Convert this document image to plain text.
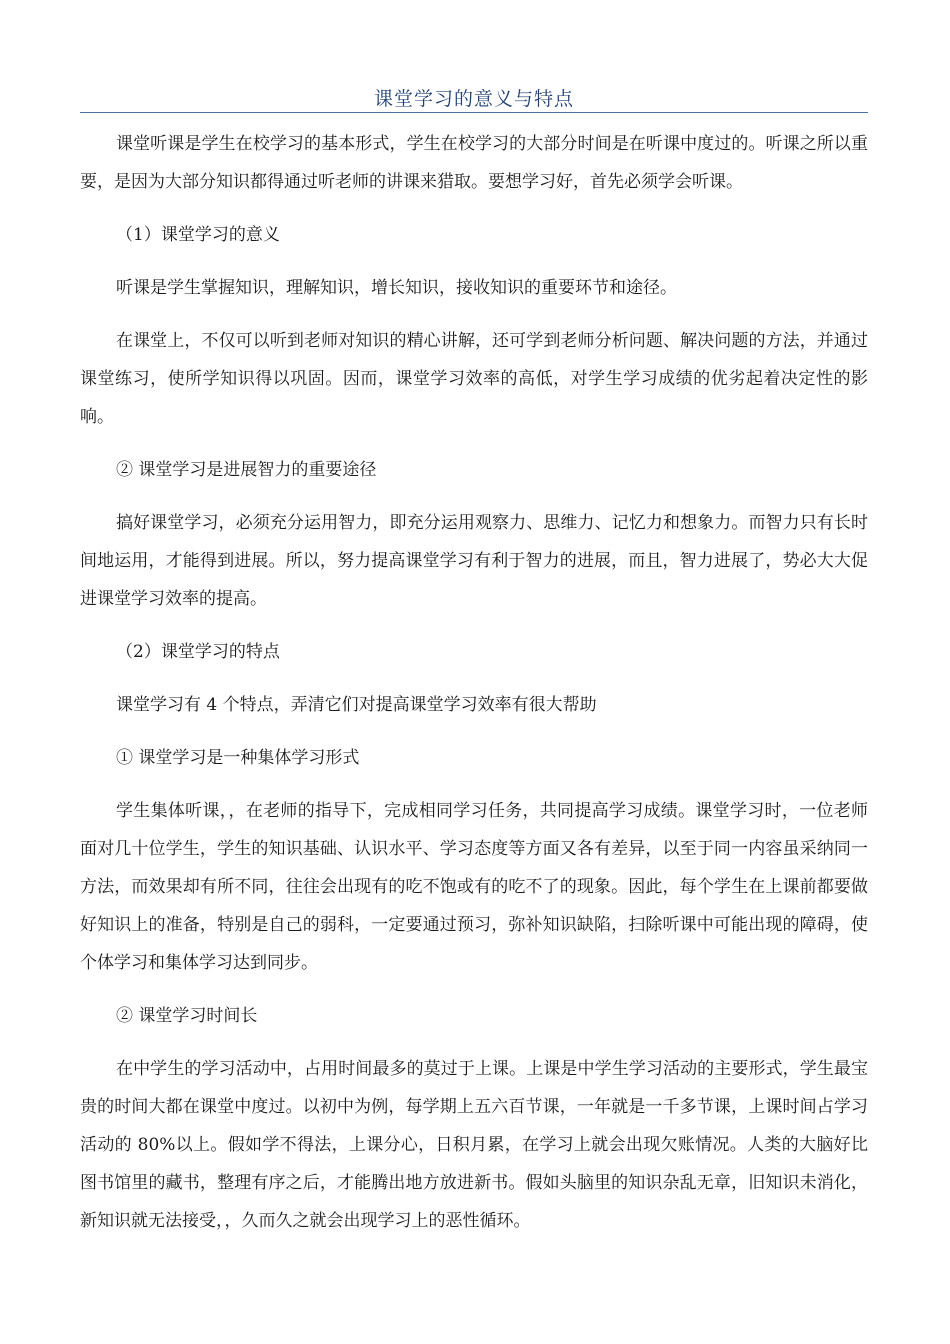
课堂学习的意义与特点

课堂听课是学生在校学习的基本形式，学生在校学习的大部分时间是在听课中度过的。听课之所以重要，是因为大部分知识都得通过听老师的讲课来猎取。要想学习好，首先必须学会听课。

（1）课堂学习的意义

听课是学生掌握知识，理解知识，增长知识，接收知识的重要环节和途径。

在课堂上，不仅可以听到老师对知识的精心讲解，还可学到老师分析问题、解决问题的方法，并通过课堂练习，使所学知识得以巩固。因而，课堂学习效率的高低，对学生学习成绩的优劣起着决定性的影响。

② 课堂学习是进展智力的重要途径

搞好课堂学习，必须充分运用智力，即充分运用观察力、思维力、记忆力和想象力。而智力只有长时间地运用，才能得到进展。所以，努力提高课堂学习有利于智力的进展，而且，智力进展了，势必大大促进课堂学习效率的提高。

（2）课堂学习的特点

课堂学习有 4 个特点，弄清它们对提高课堂学习效率有很大帮助

① 课堂学习是一种集体学习形式

学生集体听课，，在老师的指导下，完成相同学习任务，共同提高学习成绩。课堂学习时，一位老师面对几十位学生，学生的知识基础、认识水平、学习态度等方面又各有差异，以至于同一内容虽采纳同一方法，而效果却有所不同，往往会出现有的吃不饱或有的吃不了的现象。因此，每个学生在上课前都要做好知识上的准备，特别是自己的弱科，一定要通过预习，弥补知识缺陷，扫除听课中可能出现的障碍，使个体学习和集体学习达到同步。

② 课堂学习时间长

在中学生的学习活动中，占用时间最多的莫过于上课。上课是中学生学习活动的主要形式，学生最宝贵的时间大都在课堂中度过。以初中为例，每学期上五六百节课，一年就是一千多节课，上课时间占学习活动的 80%以上。假如学不得法，上课分心，日积月累，在学习上就会出现欠账情况。人类的大脑好比图书馆里的藏书，整理有序之后，才能腾出地方放进新书。假如头脑里的知识杂乱无章，旧知识未消化，新知识就无法接受，，久而久之就会出现学习上的恶性循环。
